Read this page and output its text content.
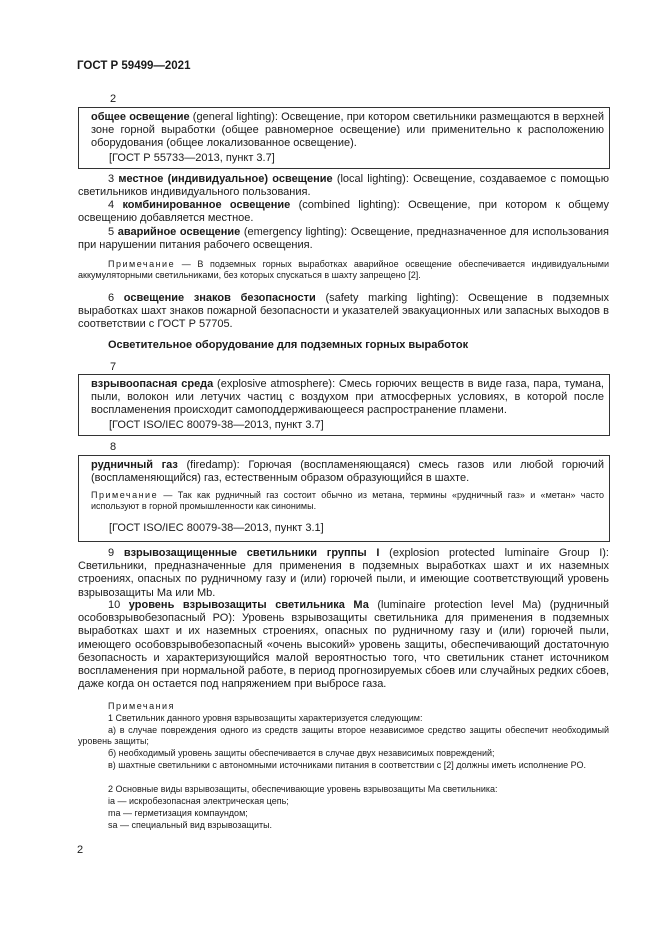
ГОСТ Р 59499—2021
2
общее освещение (general lighting): Освещение, при котором светильники размещаются в верхней зоне горной выработки (общее равномерное освещение) или применительно к расположению оборудования (общее локализованное освещение).
[ГОСТ Р 55733—2013, пункт 3.7]
3 местное (индивидуальное) освещение (local lighting): Освещение, создаваемое с помощью светильников индивидуального пользования.
4 комбинированное освещение (combined lighting): Освещение, при котором к общему освещению добавляется местное.
5 аварийное освещение (emergency lighting): Освещение, предназначенное для использования при нарушении питания рабочего освещения.
Примечание — В подземных горных выработках аварийное освещение обеспечивается индивидуальными аккумуляторными светильниками, без которых спускаться в шахту запрещено [2].
6 освещение знаков безопасности (safety marking lighting): Освещение в подземных выработках шахт знаков пожарной безопасности и указателей эвакуационных или запасных выходов в соответствии с ГОСТ Р 57705.
Осветительное оборудование для подземных горных выработок
7
взрывоопасная среда (explosive atmosphere): Смесь горючих веществ в виде газа, пара, тумана, пыли, волокон или летучих частиц с воздухом при атмосферных условиях, в которой после воспламенения происходит самоподдерживающееся распространение пламени.
[ГОСТ ISO/IEC 80079-38—2013, пункт 3.7]
8
рудничный газ (firedamp): Горючая (воспламеняющаяся) смесь газов или любой горючий (воспламеняющийся) газ, естественным образом образующийся в шахте.
Примечание — Так как рудничный газ состоит обычно из метана, термины «рудничный газ» и «метан» часто используют в горной промышленности как синонимы.
[ГОСТ ISO/IEC 80079-38—2013, пункт 3.1]
9 взрывозащищенные светильники группы I (explosion protected luminaire Group I): Светильники, предназначенные для применения в подземных выработках шахт и их наземных строениях, опасных по рудничному газу и (или) горючей пыли, и имеющие соответствующий уровень взрывозащиты Ma или Mb.
10 уровень взрывозащиты светильника Ма (luminaire protection level Ma) (рудничный особовзрывобезопасный РО): Уровень взрывозащиты светильника для применения в подземных выработках шахт и их наземных строениях, опасных по рудничному газу и (или) горючей пыли, имеющего особовзрывобезопасный «очень высокий» уровень защиты, обеспечивающий достаточную безопасность и характеризующийся малой вероятностью того, что светильник станет источником воспламенения при нормальной работе, в период прогнозируемых сбоев или случайных редких сбоев, даже когда он остается под напряжением при выбросе газа.
Примечания
1 Светильник данного уровня взрывозащиты характеризуется следующим:
а) в случае повреждения одного из средств защиты второе независимое средство защиты обеспечит необходимый уровень защиты;
б) необходимый уровень защиты обеспечивается в случае двух независимых повреждений;
в) шахтные светильники с автономными источниками питания в соответствии с [2] должны иметь исполнение РО.
2 Основные виды взрывозащиты, обеспечивающие уровень взрывозащиты Ма светильника:
ia — искробезопасная электрическая цепь;
ma — герметизация компаундом;
sa — специальный вид взрывозащиты.
2
